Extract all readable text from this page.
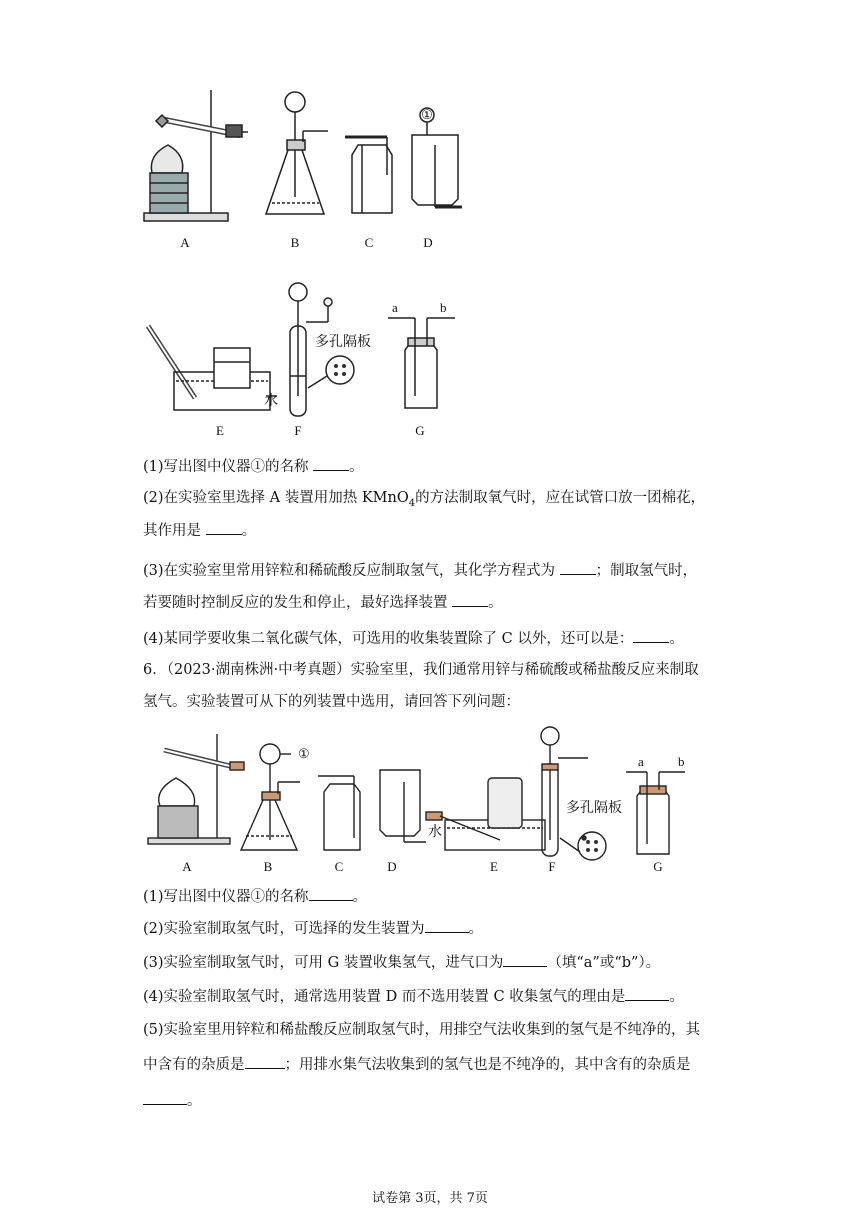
A	B	C	D
①
多孔隔板
水
a	b
E	F	G
(1)写出图中仪器①的名称	。
(2)在实验室里选择 A 装置用加热 KMnO$_4$的方法制取氧气时，应在试管口放一团棉花，
其作用是	。
(3)在实验室里常用锌粒和稀硫酸反应制取氢气，其化学方程式为	；制取氢气时，
若要随时控制反应的发生和停止，最好选择装置	。
(4)某同学要收集二氧化碳气体，可选用的收集装置除了 C 以外，还可以是： 。
6．（2023·湖南株洲·中考真题）实验室里，我们通常用锌与稀硫酸或稀盐酸反应来制取
氢气。实验装置可从下的列装置中选用，请回答下列问题：
①
多孔隔板
水
a	b
A	B	C	D	E	F	G
(1)写出图中仪器①的名称	。
(2)实验室制取氢气时，可选择的发生装置为	。
(3)实验室制取氢气时，可用 G 装置收集氢气，进气口为	（填“a”或“b”）。
(4)实验室制取氢气时，通常选用装置 D 而不选用装置 C 收集氢气的理由是	。
(5)实验室里用锌粒和稀盐酸反应制取氢气时，用排空气法收集到的氢气是不纯净的，其
中含有的杂质是	；用排水集气法收集到的氢气也是不纯净的，其中含有的杂质是
。
试卷第 3页，共 7页
